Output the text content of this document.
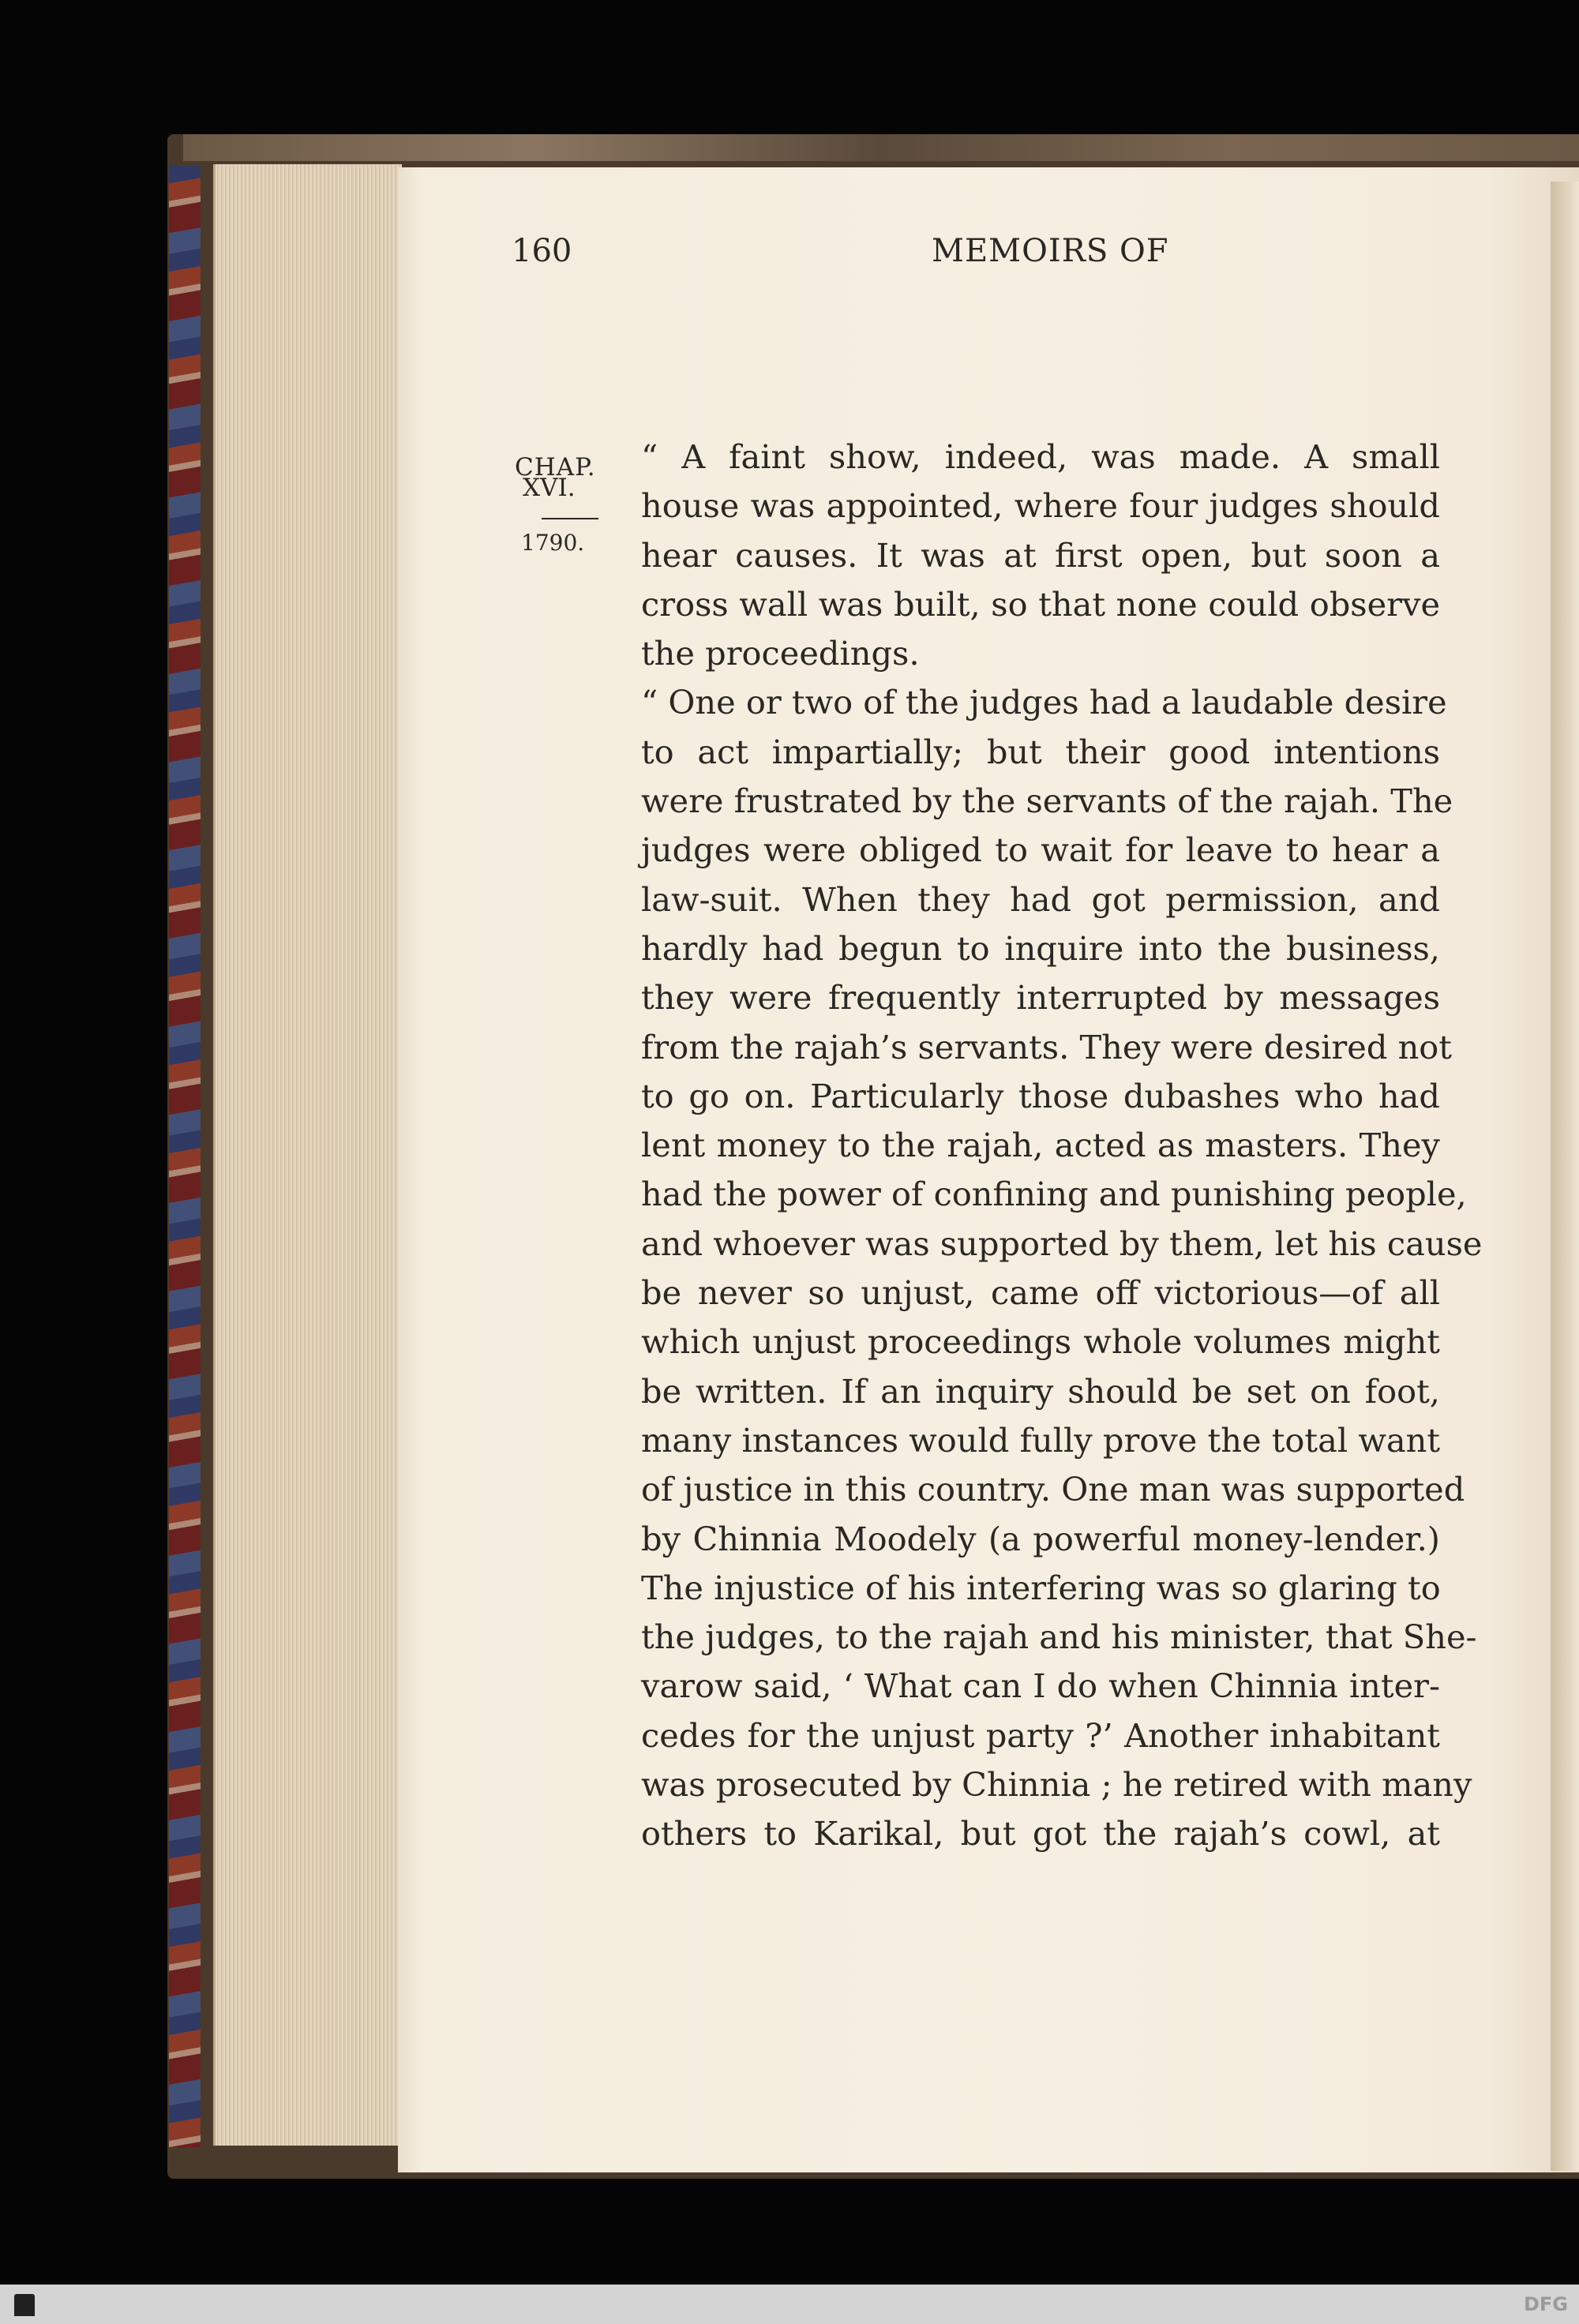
160	MEMOIRS OF
CHAP.
XVI.
1790.
“ A faint show, indeed, was made. A small
house was appointed, where four judges should
hear causes. It was at first open, but soon a
cross wall was built, so that none could observe
the proceedings.
“ One or two of the judges had a laudable desire
to act impartially; but their good intentions
were frustrated by the servants of the rajah. The
judges were obliged to wait for leave to hear a
law-suit. When they had got permission, and
hardly had begun to inquire into the business,
they were frequently interrupted by messages
from the rajah’s servants. They were desired not
to go on. Particularly those dubashes who had
lent money to the rajah, acted as masters. They
had the power of confining and punishing people,
and whoever was supported by them, let his cause
be never so unjust, came off victorious—of all
which unjust proceedings whole volumes might
be written. If an inquiry should be set on foot,
many instances would fully prove the total want
of justice in this country. One man was supported
by Chinnia Moodely (a powerful money-lender.)
The injustice of his interfering was so glaring to
the judges, to the rajah and his minister, that She-
varow said, ‘ What can I do when Chinnia inter-
cedes for the unjust party ?’ Another inhabitant
was prosecuted by Chinnia ; he retired with many
others to Karikal, but got the rajah’s cowl, at
DFG
